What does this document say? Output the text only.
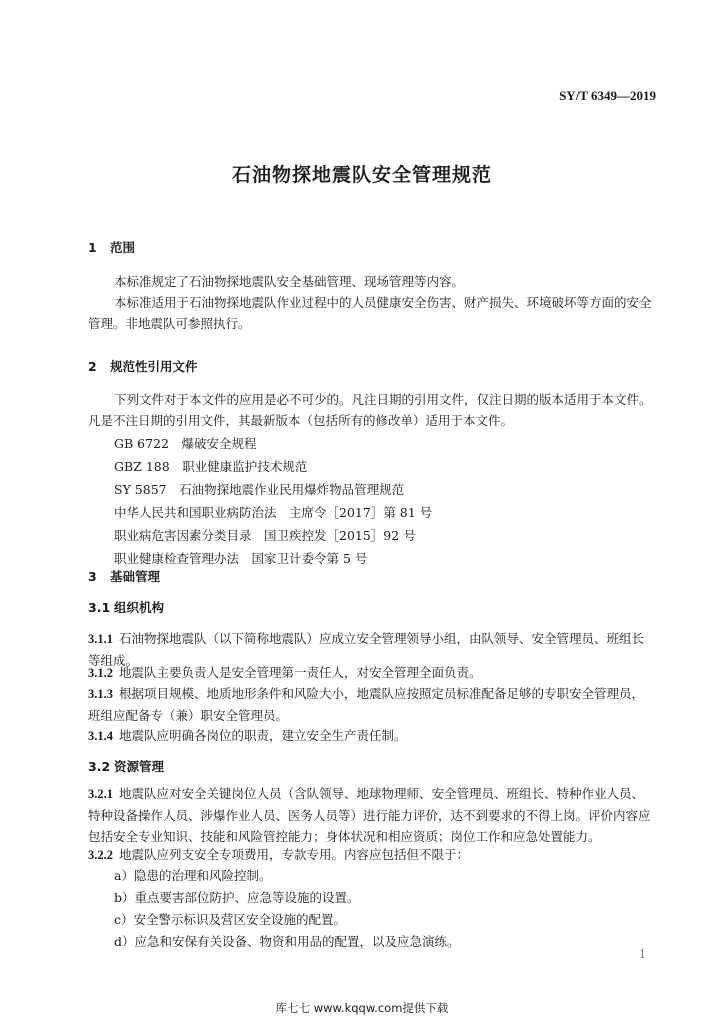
SY/T 6349—2019
石油物探地震队安全管理规范
1 范围
本标准规定了石油物探地震队安全基础管理、现场管理等内容。
本标准适用于石油物探地震队作业过程中的人员健康安全伤害、财产损失、环境破坏等方面的安全管理。非地震队可参照执行。
2 规范性引用文件
下列文件对于本文件的应用是必不可少的。凡注日期的引用文件，仅注日期的版本适用于本文件。凡是不注日期的引用文件，其最新版本（包括所有的修改单）适用于本文件。
GB 6722　爆破安全规程
GBZ 188　职业健康监护技术规范
SY 5857　石油物探地震作业民用爆炸物品管理规范
中华人民共和国职业病防治法　主席令［2017］第 81 号
职业病危害因素分类目录　国卫疾控发［2015］92 号
职业健康检查管理办法　国家卫计委令第 5 号
3 基础管理
3.1 组织机构
3.1.1 石油物探地震队（以下简称地震队）应成立安全管理领导小组，由队领导、安全管理员、班组长等组成。
3.1.2 地震队主要负责人是安全管理第一责任人，对安全管理全面负责。
3.1.3 根据项目规模、地质地形条件和风险大小，地震队应按照定员标准配备足够的专职安全管理员，班组应配备专（兼）职安全管理员。
3.1.4 地震队应明确各岗位的职责，建立安全生产责任制。
3.2 资源管理
3.2.1 地震队应对安全关键岗位人员（含队领导、地球物理师、安全管理员、班组长、特种作业人员、特种设备操作人员、涉爆作业人员、医务人员等）进行能力评价，达不到要求的不得上岗。评价内容应包括安全专业知识、技能和风险管控能力；身体状况和相应资质；岗位工作和应急处置能力。
3.2.2 地震队应列支安全专项费用，专款专用。内容应包括但不限于：
a）隐患的治理和风险控制。
b）重点要害部位防护、应急等设施的设置。
c）安全警示标识及营区安全设施的配置。
d）应急和安保有关设备、物资和用品的配置，以及应急演练。
1
库七七 www.kqqw.com提供下载
